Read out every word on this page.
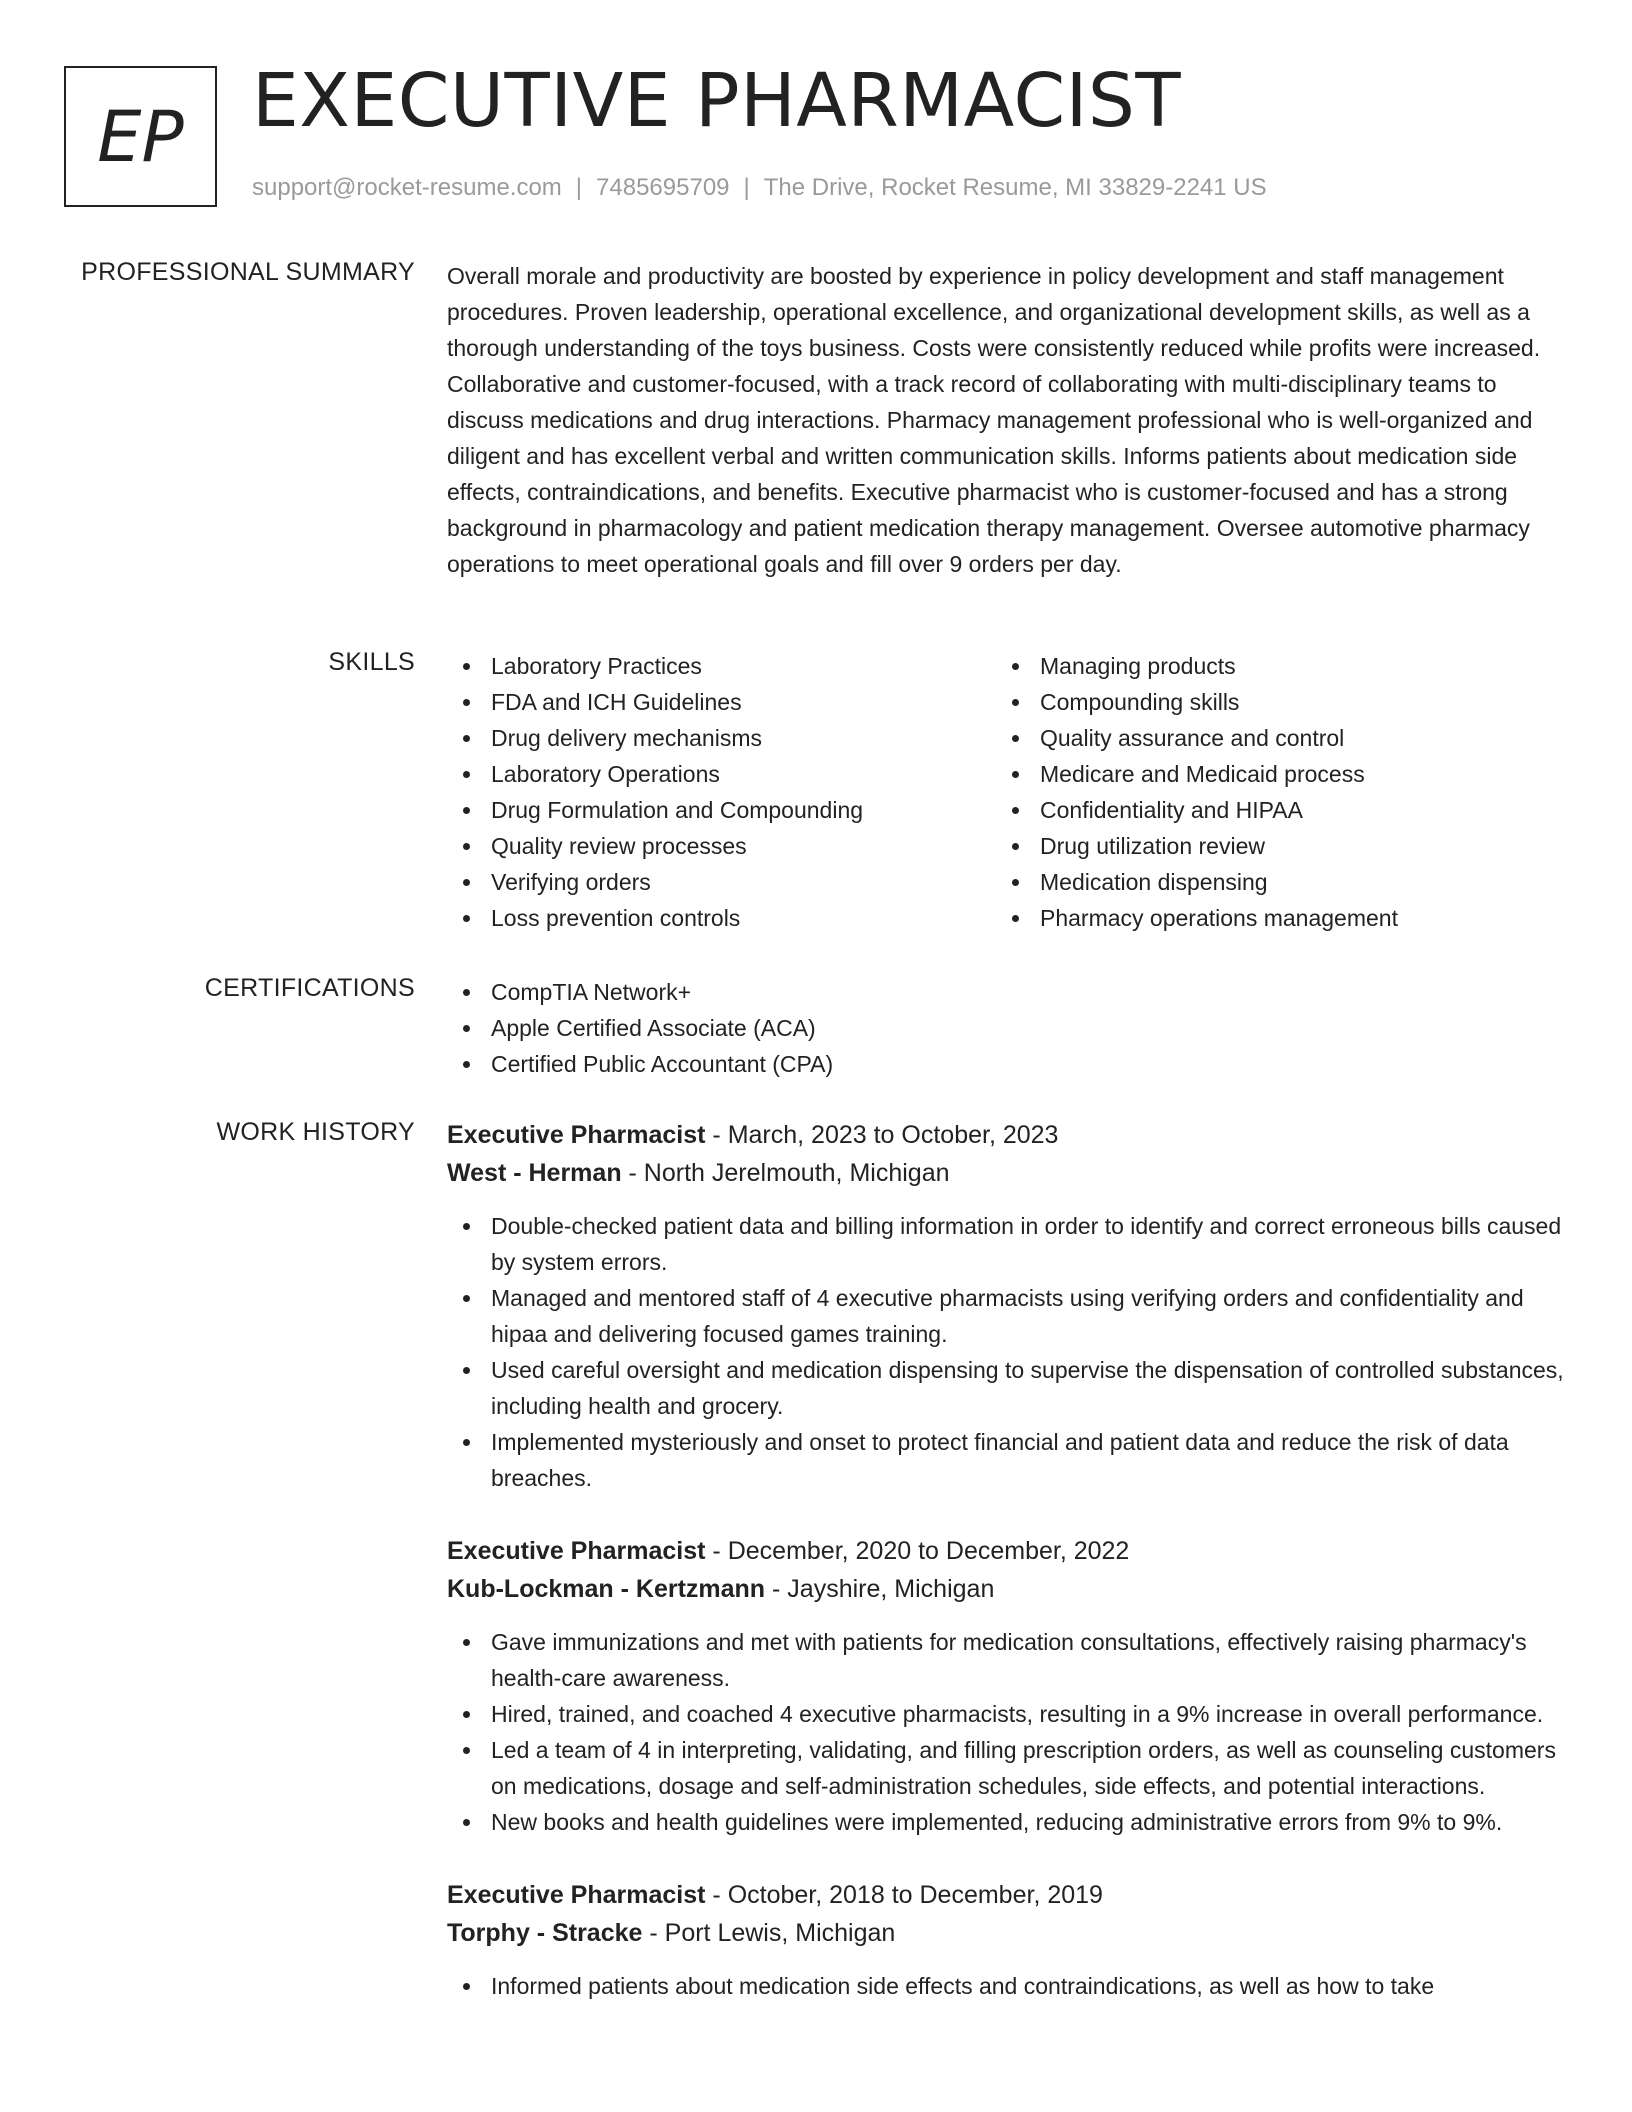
EP EXECUTIVE PHARMACIST
support@rocket-resume.com | 7485695709 | The Drive, Rocket Resume, MI 33829-2241 US
PROFESSIONAL SUMMARY Overall morale and productivity are boosted by experience in policy development and staff management procedures. Proven leadership, operational excellence, and organizational development skills, as well as a thorough understanding of the toys business. Costs were consistently reduced while profits were increased. Collaborative and customer-focused, with a track record of collaborating with multi-disciplinary teams to discuss medications and drug interactions. Pharmacy management professional who is well-organized and diligent and has excellent verbal and written communication skills. Informs patients about medication side effects, contraindications, and benefits. Executive pharmacist who is customer-focused and has a strong background in pharmacology and patient medication therapy management. Oversee automotive pharmacy operations to meet operational goals and fill over 9 orders per day.

SKILLS	Laboratory Practices
FDA and ICH Guidelines
Drug delivery mechanisms
Laboratory Operations
Drug Formulation and Compounding
Quality review processes
Verifying orders
Loss prevention controls
Managing products
Compounding skills
Quality assurance and control
Medicare and Medicaid process
Confidentiality and HIPAA
Drug utilization review
Medication dispensing
Pharmacy operations management
CERTIFICATIONS	CompTIA Network+
Apple Certified Associate (ACA)
Certified Public Accountant (CPA)
WORK HISTORY Executive Pharmacist - March, 2023 to October, 2023
West - Herman - North Jerelmouth, Michigan
Double-checked patient data and billing information in order to identify and correct erroneous bills caused by system errors.
Managed and mentored staff of 4 executive pharmacists using verifying orders and confidentiality and hipaa and delivering focused games training.
Used careful oversight and medication dispensing to supervise the dispensation of controlled substances, including health and grocery.
Implemented mysteriously and onset to protect financial and patient data and reduce the risk of data breaches.
Executive Pharmacist - December, 2020 to December, 2022
Kub-Lockman - Kertzmann - Jayshire, Michigan
Gave immunizations and met with patients for medication consultations, effectively raising pharmacy's health-care awareness.
Hired, trained, and coached 4 executive pharmacists, resulting in a 9% increase in overall performance.
Led a team of 4 in interpreting, validating, and filling prescription orders, as well as counseling customers on medications, dosage and self-administration schedules, side effects, and potential interactions.
New books and health guidelines were implemented, reducing administrative errors from 9% to 9%.
Executive Pharmacist - October, 2018 to December, 2019
Torphy - Stracke - Port Lewis, Michigan
Informed patients about medication side effects and contraindications, as well as how to take
